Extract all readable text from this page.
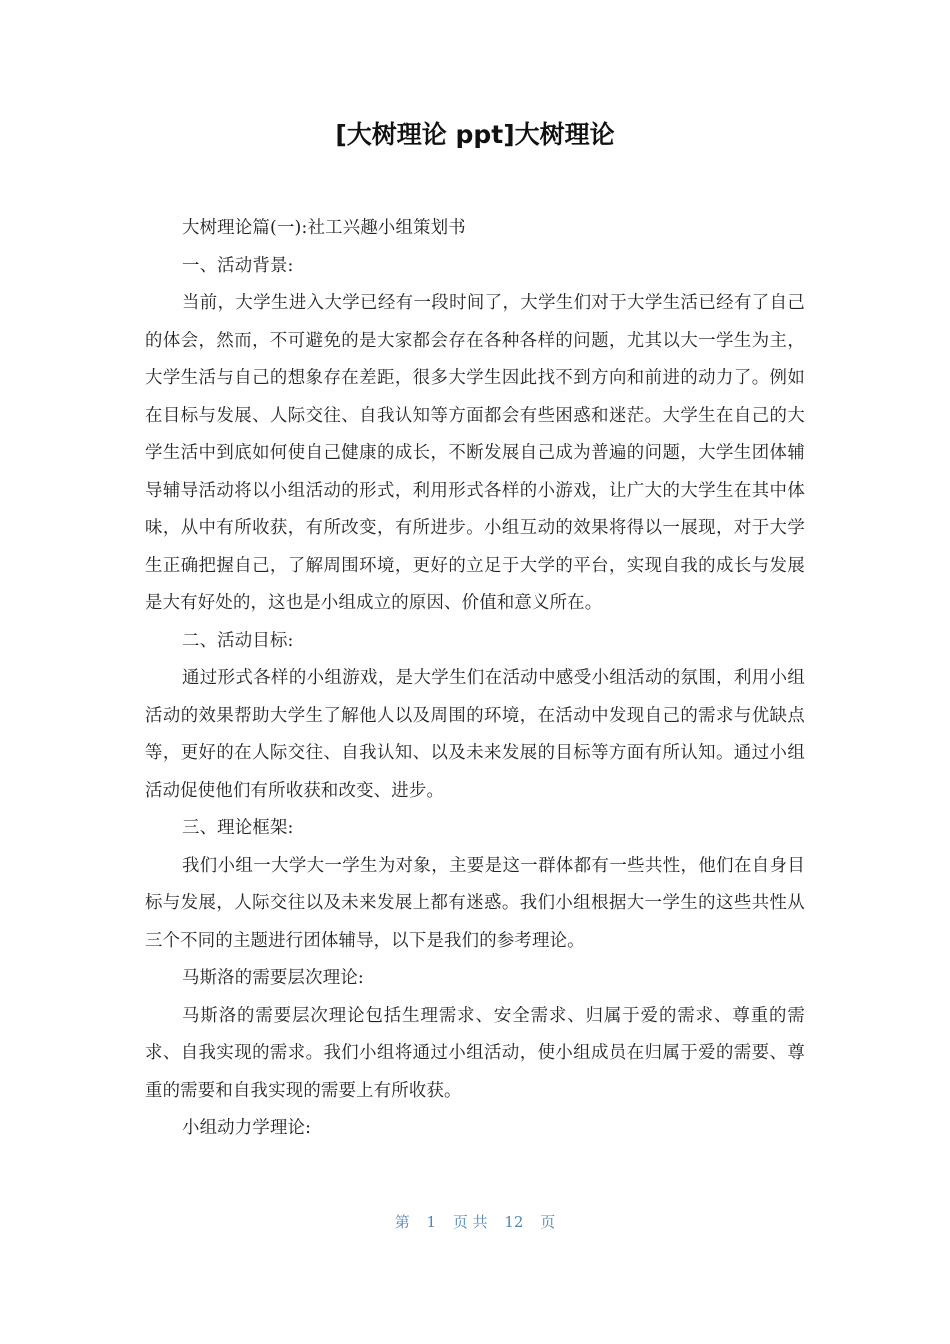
[大树理论 ppt]大树理论

大树理论篇(一):社工兴趣小组策划书

一、活动背景:

当前，大学生进入大学已经有一段时间了，大学生们对于大学生活已经有了自己的体会，然而，不可避免的是大家都会存在各种各样的问题，尤其以大一学生为主，大学生活与自己的想象存在差距，很多大学生因此找不到方向和前进的动力了。例如在目标与发展、人际交往、自我认知等方面都会有些困惑和迷茫。大学生在自己的大学生活中到底如何使自己健康的成长，不断发展自己成为普遍的问题，大学生团体辅导辅导活动将以小组活动的形式，利用形式各样的小游戏，让广大的大学生在其中体味，从中有所收获，有所改变，有所进步。小组互动的效果将得以一展现，对于大学生正确把握自己，了解周围环境，更好的立足于大学的平台，实现自我的成长与发展是大有好处的，这也是小组成立的原因、价值和意义所在。

二、活动目标:

通过形式各样的小组游戏，是大学生们在活动中感受小组活动的氛围，利用小组活动的效果帮助大学生了解他人以及周围的环境，在活动中发现自己的需求与优缺点等，更好的在人际交往、自我认知、以及未来发展的目标等方面有所认知。通过小组活动促使他们有所收获和改变、进步。

三、理论框架:

我们小组一大学大一学生为对象，主要是这一群体都有一些共性，他们在自身目标与发展，人际交往以及未来发展上都有迷惑。我们小组根据大一学生的这些共性从三个不同的主题进行团体辅导，以下是我们的参考理论。

马斯洛的需要层次理论:

马斯洛的需要层次理论包括生理需求、安全需求、归属于爱的需求、尊重的需求、自我实现的需求。我们小组将通过小组活动，使小组成员在归属于爱的需要、尊重的需要和自我实现的需要上有所收获。

小组动力学理论:

第 1 页 共 12 页
